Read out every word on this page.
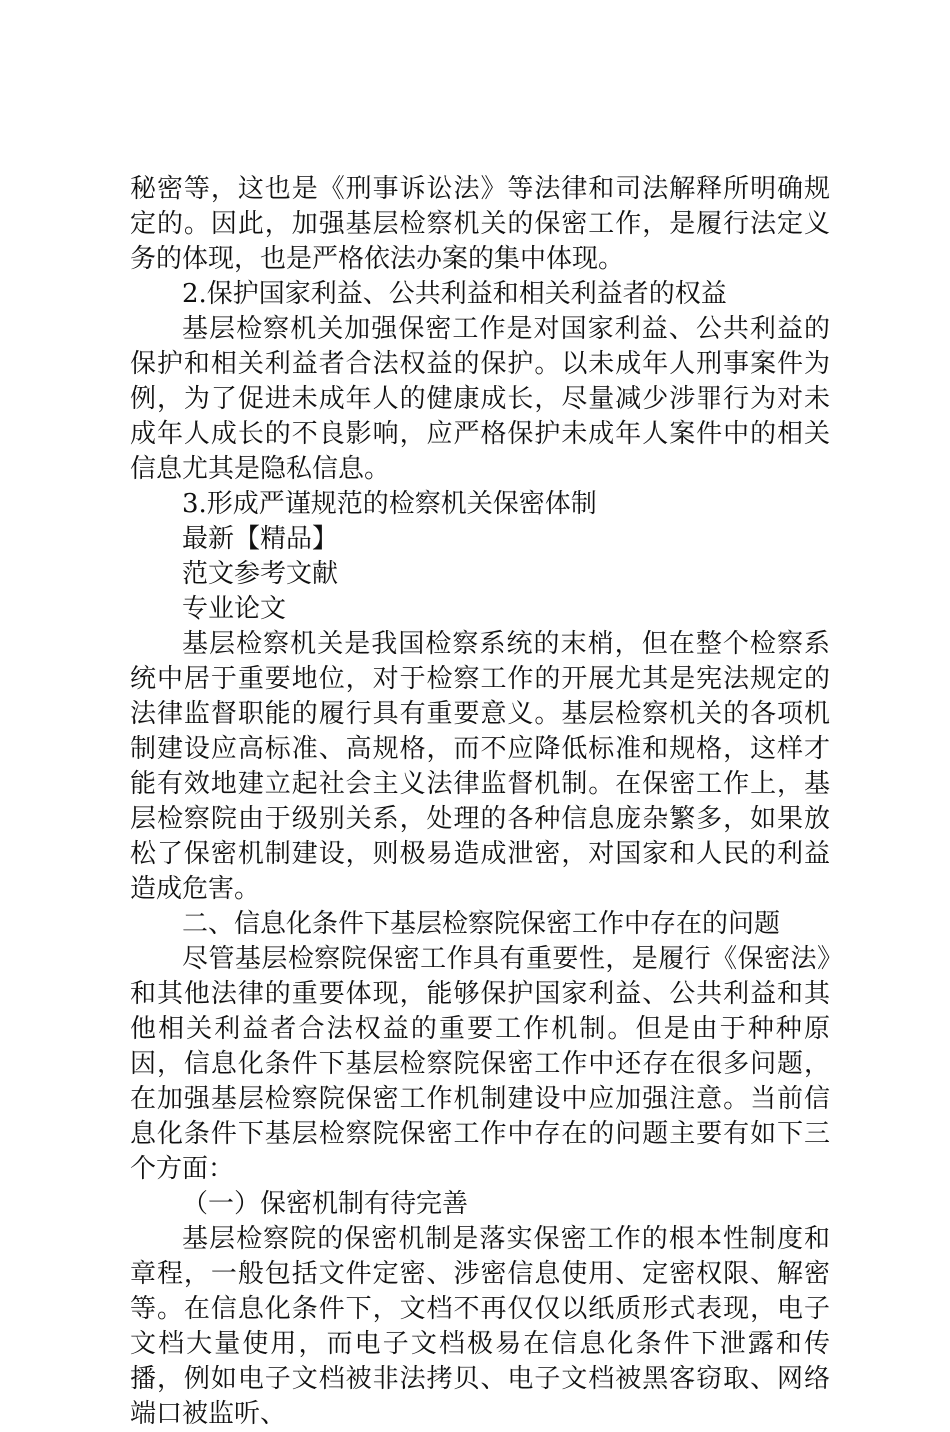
秘密等，这也是《刑事诉讼法》等法律和司法解释所明确规定的。因此，加强基层检察机关的保密工作，是履行法定义务的体现，也是严格依法办案的集中体现。

2.保护国家利益、公共利益和相关利益者的权益

基层检察机关加强保密工作是对国家利益、公共利益的保护和相关利益者合法权益的保护。以未成年人刑事案件为例，为了促进未成年人的健康成长，尽量减少涉罪行为对未成年人成长的不良影响，应严格保护未成年人案件中的相关信息尤其是隐私信息。

3.形成严谨规范的检察机关保密体制

最新【精品】

范文参考文献

专业论文

基层检察机关是我国检察系统的末梢，但在整个检察系统中居于重要地位，对于检察工作的开展尤其是宪法规定的法律监督职能的履行具有重要意义。基层检察机关的各项机制建设应高标准、高规格，而不应降低标准和规格，这样才能有效地建立起社会主义法律监督机制。在保密工作上，基层检察院由于级别关系，处理的各种信息庞杂繁多，如果放松了保密机制建设，则极易造成泄密，对国家和人民的利益造成危害。

二、信息化条件下基层检察院保密工作中存在的问题

尽管基层检察院保密工作具有重要性，是履行《保密法》和其他法律的重要体现，能够保护国家利益、公共利益和其他相关利益者合法权益的重要工作机制。但是由于种种原因，信息化条件下基层检察院保密工作中还存在很多问题，在加强基层检察院保密工作机制建设中应加强注意。当前信息化条件下基层检察院保密工作中存在的问题主要有如下三个方面：

（一）保密机制有待完善

基层检察院的保密机制是落实保密工作的根本性制度和章程，一般包括文件定密、涉密信息使用、定密权限、解密等。在信息化条件下，文档不再仅仅以纸质形式表现，电子文档大量使用，而电子文档极易在信息化条件下泄露和传播，例如电子文档被非法拷贝、电子文档被黑客窃取、网络端口被监听、
